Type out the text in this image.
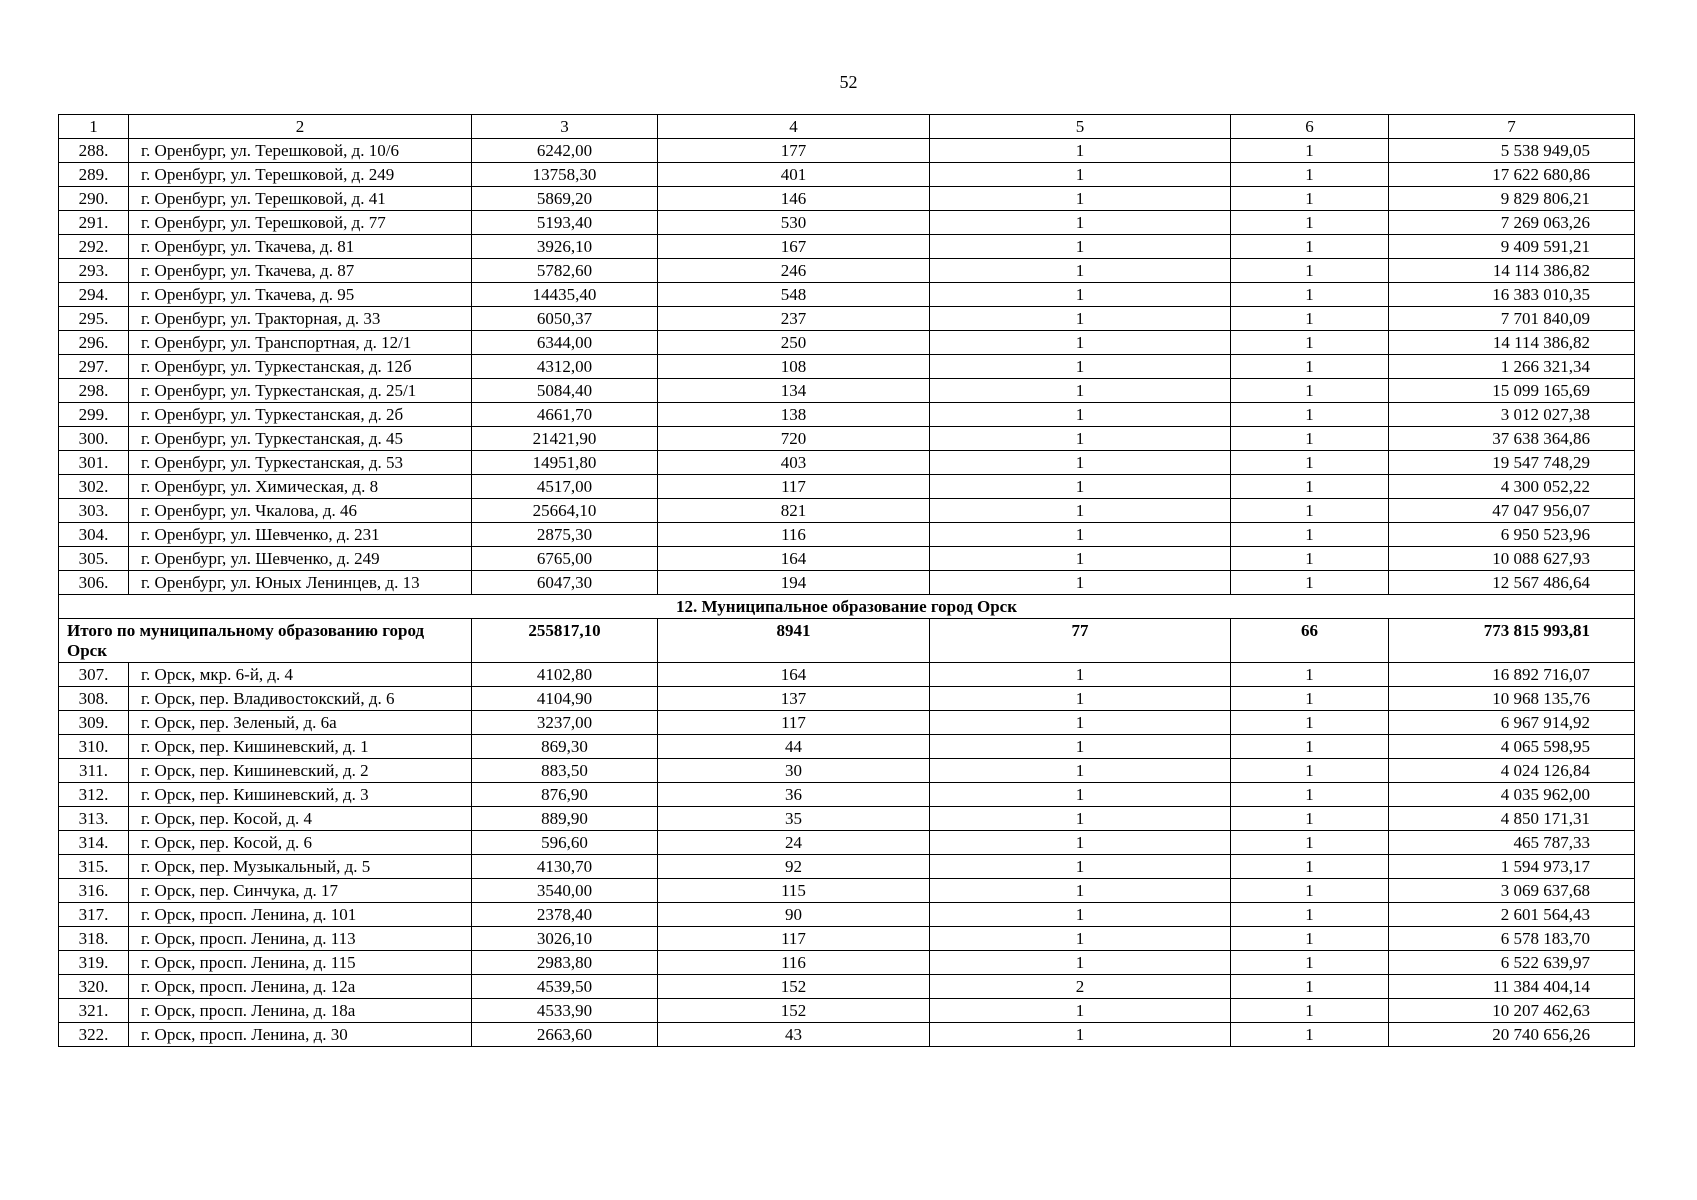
52
1	2	3	4	5	6	7
288.	г. Оренбург, ул. Терешковой, д. 10/6	6242,00	177	1	1	5 538 949,05
289.	г. Оренбург, ул. Терешковой, д. 249	13758,30	401	1	1	17 622 680,86
290.	г. Оренбург, ул. Терешковой, д. 41	5869,20	146	1	1	9 829 806,21
291.	г. Оренбург, ул. Терешковой, д. 77	5193,40	530	1	1	7 269 063,26
292.	г. Оренбург, ул. Ткачева, д. 81	3926,10	167	1	1	9 409 591,21
293.	г. Оренбург, ул. Ткачева, д. 87	5782,60	246	1	1	14 114 386,82
294.	г. Оренбург, ул. Ткачева, д. 95	14435,40	548	1	1	16 383 010,35
295.	г. Оренбург, ул. Тракторная, д. 33	6050,37	237	1	1	7 701 840,09
296.	г. Оренбург, ул. Транспортная, д. 12/1	6344,00	250	1	1	14 114 386,82
297.	г. Оренбург, ул. Туркестанская, д. 12б	4312,00	108	1	1	1 266 321,34
298.	г. Оренбург, ул. Туркестанская, д. 25/1	5084,40	134	1	1	15 099 165,69
299.	г. Оренбург, ул. Туркестанская, д. 2б	4661,70	138	1	1	3 012 027,38
300.	г. Оренбург, ул. Туркестанская, д. 45	21421,90	720	1	1	37 638 364,86
301.	г. Оренбург, ул. Туркестанская, д. 53	14951,80	403	1	1	19 547 748,29
302.	г. Оренбург, ул. Химическая, д. 8	4517,00	117	1	1	4 300 052,22
303.	г. Оренбург, ул. Чкалова, д. 46	25664,10	821	1	1	47 047 956,07
304.	г. Оренбург, ул. Шевченко, д. 231	2875,30	116	1	1	6 950 523,96
305.	г. Оренбург, ул. Шевченко, д. 249	6765,00	164	1	1	10 088 627,93
306.	г. Оренбург, ул. Юных Ленинцев, д. 13	6047,30	194	1	1	12 567 486,64
12. Муниципальное образование город Орск						
Итого по муниципальному образованию город Орск		255817,10	8941	77	66	773 815 993,81
307.	г. Орск, мкр. 6-й, д. 4	4102,80	164	1	1	16 892 716,07
308.	г. Орск, пер. Владивостокский, д. 6	4104,90	137	1	1	10 968 135,76
309.	г. Орск, пер. Зеленый, д. 6а	3237,00	117	1	1	6 967 914,92
310.	г. Орск, пер. Кишиневский, д. 1	869,30	44	1	1	4 065 598,95
311.	г. Орск, пер. Кишиневский, д. 2	883,50	30	1	1	4 024 126,84
312.	г. Орск, пер. Кишиневский, д. 3	876,90	36	1	1	4 035 962,00
313.	г. Орск, пер. Косой, д. 4	889,90	35	1	1	4 850 171,31
314.	г. Орск, пер. Косой, д. 6	596,60	24	1	1	465 787,33
315.	г. Орск, пер. Музыкальный, д. 5	4130,70	92	1	1	1 594 973,17
316.	г. Орск, пер. Синчука, д. 17	3540,00	115	1	1	3 069 637,68
317.	г. Орск, просп. Ленина, д. 101	2378,40	90	1	1	2 601 564,43
318.	г. Орск, просп. Ленина, д. 113	3026,10	117	1	1	6 578 183,70
319.	г. Орск, просп. Ленина, д. 115	2983,80	116	1	1	6 522 639,97
320.	г. Орск, просп. Ленина, д. 12а	4539,50	152	2	1	11 384 404,14
321.	г. Орск, просп. Ленина, д. 18а	4533,90	152	1	1	10 207 462,63
322.	г. Орск, просп. Ленина, д. 30	2663,60	43	1	1	20 740 656,26
